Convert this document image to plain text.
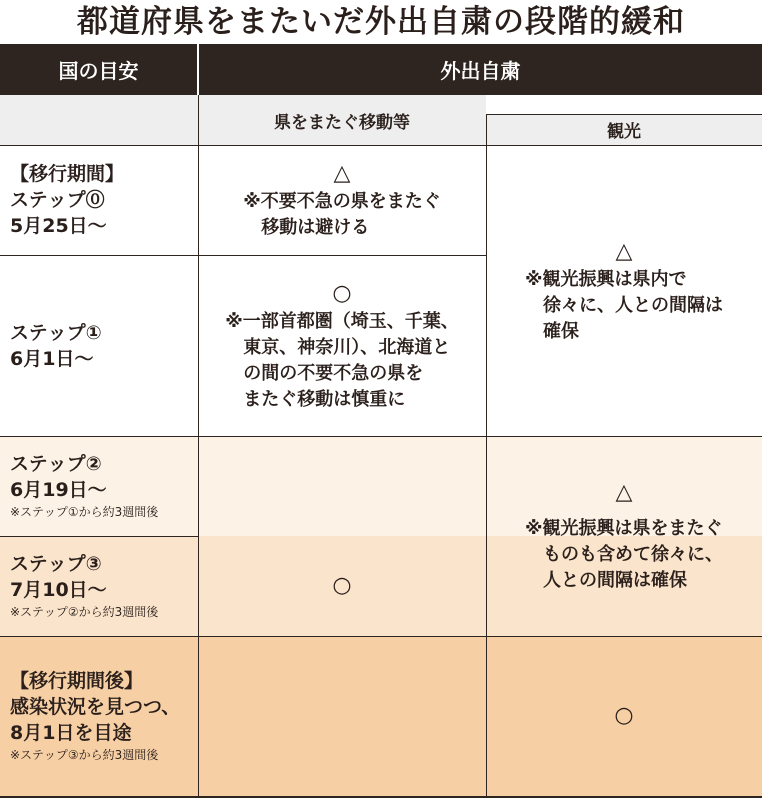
都道府県をまたいだ外出自粛の段階的緩和
国の目安	外出自粛
県をまたぐ移動等	観光
【移行期間】
ステップ⓪
5月25日～
ステップ①
6月1日～
ステップ②
6月19日～
※ステップ①から約3週間後
ステップ③
7月10日～
※ステップ②から約3週間後
【移行期間後】
感染状況を見つつ、
8月1日を目途
※ステップ③から約3週間後
△
※不要不急の県をまたぐ
　移動は避ける
○
※一部首都圏（埼玉、千葉、
　東京、神奈川）、北海道と
　の間の不要不急の県を
　またぐ移動は慎重に
○
△
※観光振興は県内で
　徐々に、人との間隔は
　確保
△
※観光振興は県をまたぐ
　ものも含めて徐々に、
　人との間隔は確保
○
